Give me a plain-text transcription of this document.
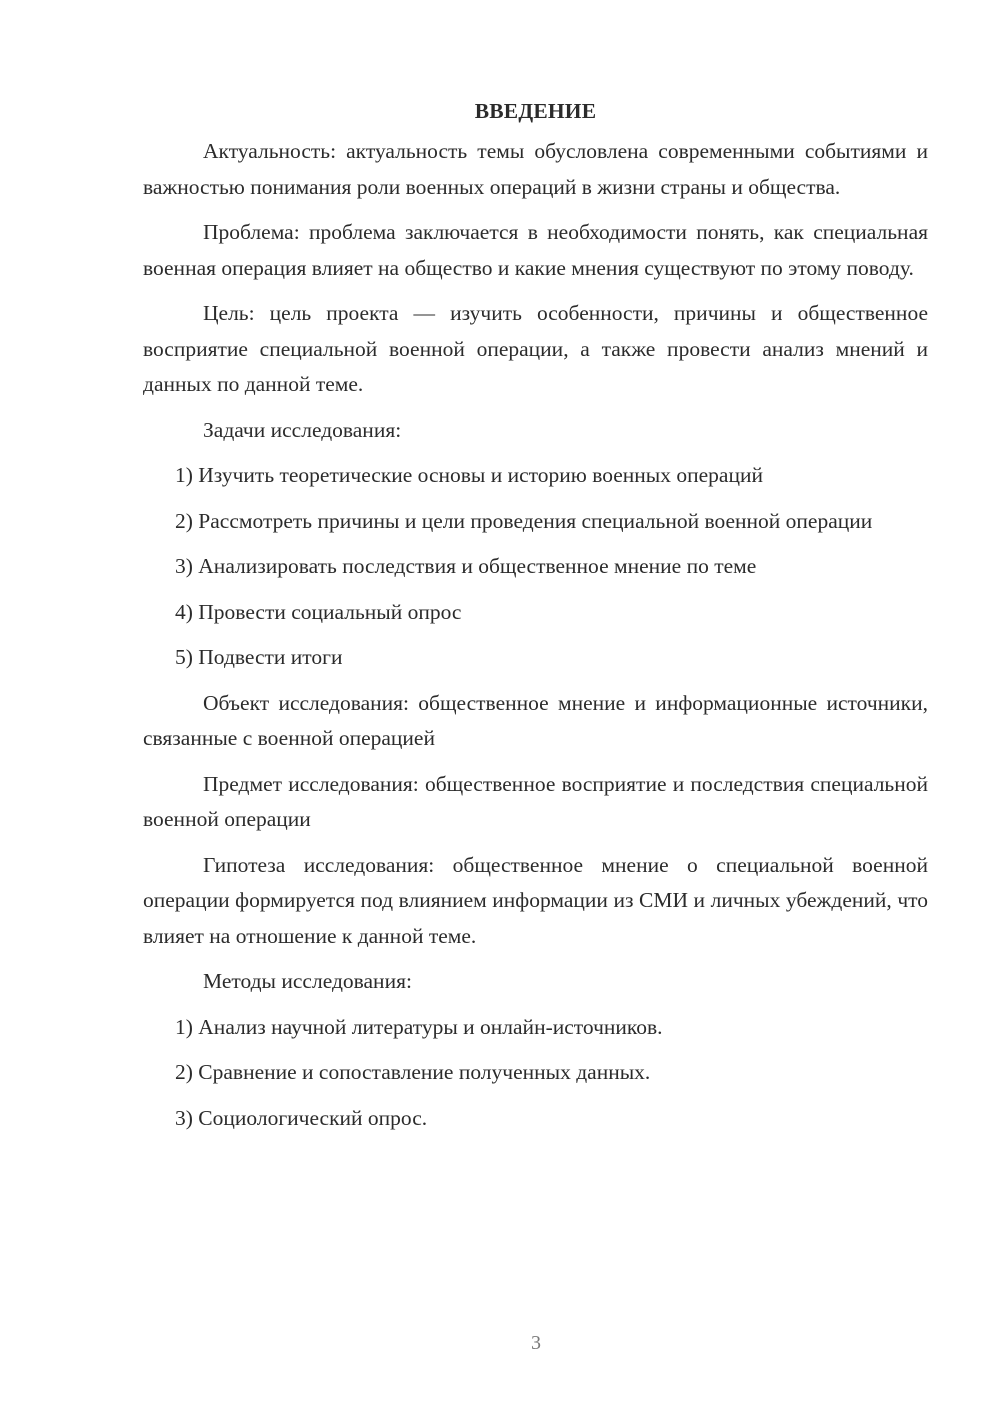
ВВЕДЕНИЕ

Актуальность: актуальность темы обусловлена современными событиями и важностью понимания роли военных операций в жизни страны и общества.

Проблема: проблема заключается в необходимости понять, как специальная военная операция влияет на общество и какие мнения существуют по этому поводу.

Цель: цель проекта — изучить особенности, причины и общественное восприятие специальной военной операции, а также провести анализ мнений и данных по данной теме.

Задачи исследования:

1) Изучить теоретические основы и историю военных операций

2) Рассмотреть причины и цели проведения специальной военной операции

3) Анализировать последствия и общественное мнение по теме

4) Провести социальный опрос

5) Подвести итоги

Объект исследования: общественное мнение и информационные источники, связанные с военной операцией

Предмет исследования: общественное восприятие и последствия специальной военной операции

Гипотеза исследования: общественное мнение о специальной военной операции формируется под влиянием информации из СМИ и личных убеждений, что влияет на отношение к данной теме.

Методы исследования:

1) Анализ научной литературы и онлайн-источников.

2) Сравнение и сопоставление полученных данных.

3) Социологический опрос.

3
